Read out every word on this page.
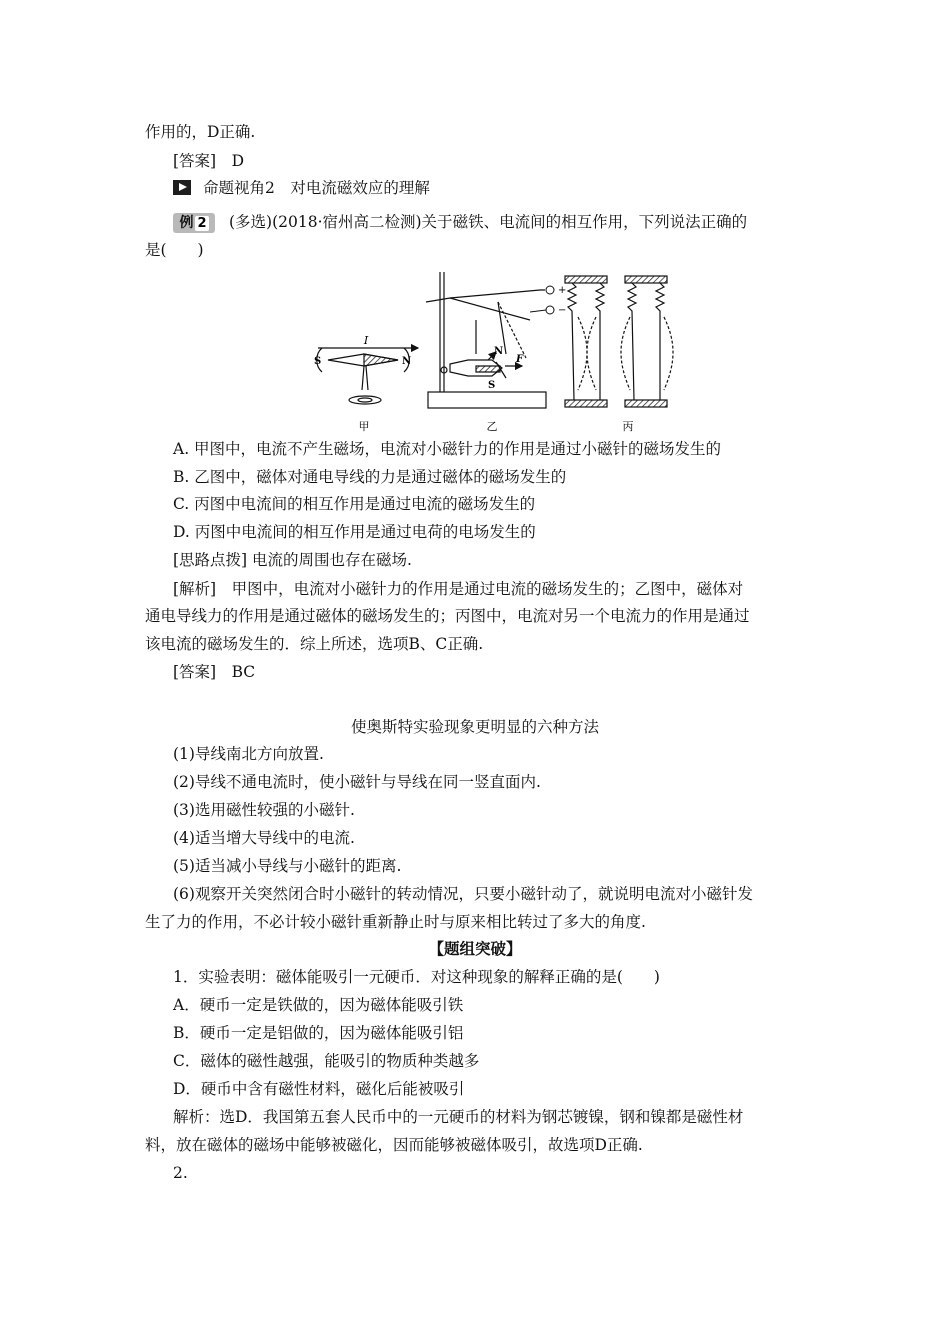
作用的，D正确.
[答案]　D
命题视角2　对电流磁效应的理解
例 2 (多选)(2018·宿州高二检测)关于磁铁、电流间的相互作用，下列说法正确的
是(　　)
I
S	N
甲
+
−
N
S
F
乙	丙
A. 甲图中，电流不产生磁场，电流对小磁针力的作用是通过小磁针的磁场发生的
B. 乙图中，磁体对通电导线的力是通过磁体的磁场发生的
C. 丙图中电流间的相互作用是通过电流的磁场发生的
D. 丙图中电流间的相互作用是通过电荷的电场发生的
[思路点拨] 电流的周围也存在磁场.
[解析]　甲图中，电流对小磁针力的作用是通过电流的磁场发生的；乙图中，磁体对
通电导线力的作用是通过磁体的磁场发生的；丙图中，电流对另一个电流力的作用是通过
该电流的磁场发生的．综上所述，选项B、C正确.
[答案]　BC
使奥斯特实验现象更明显的六种方法
(1)导线南北方向放置.
(2)导线不通电流时，使小磁针与导线在同一竖直面内.
(3)选用磁性较强的小磁针.
(4)适当增大导线中的电流.
(5)适当减小导线与小磁针的距离.
(6)观察开关突然闭合时小磁针的转动情况，只要小磁针动了，就说明电流对小磁针发
生了力的作用，不必计较小磁针重新静止时与原来相比转过了多大的角度.
【题组突破】
1．实验表明：磁体能吸引一元硬币．对这种现象的解释正确的是(　　)
A．硬币一定是铁做的，因为磁体能吸引铁
B．硬币一定是铝做的，因为磁体能吸引铝
C．磁体的磁性越强，能吸引的物质种类越多
D．硬币中含有磁性材料，磁化后能被吸引
解析：选D．我国第五套人民币中的一元硬币的材料为钢芯镀镍，钢和镍都是磁性材
料，放在磁体的磁场中能够被磁化，因而能够被磁体吸引，故选项D正确.
2.
